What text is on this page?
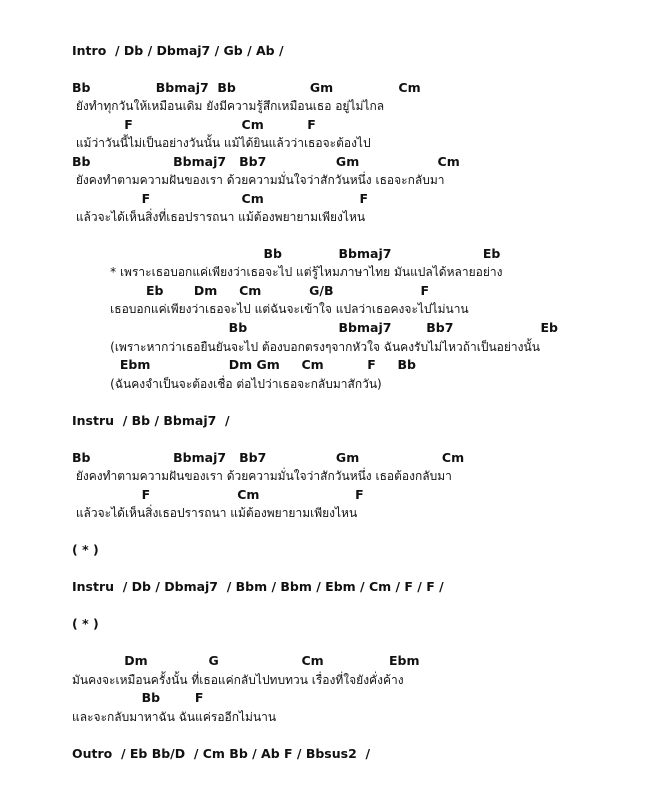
Intro  / Db / Dbmaj7 / Gb / Ab /
Bb               Bbmaj7  Bb                 Gm               Cm
ยังทำทุกวันให้เหมือนเดิม ยังมีความรู้สึกเหมือนเธอ อยู่ไม่ไกล
F                         Cm          F
แม้ว่าวันนี้ไม่เป็นอย่างวันนั้น แม้ได้ยินแล้วว่าเธอจะต้องไป
Bb                   Bbmaj7   Bb7                Gm                  Cm
ยังคงทำตามความฝันของเรา ด้วยความมั่นใจว่าสักวันหนึ่ง เธอจะกลับมา
F                     Cm                      F
แล้วจะได้เห็นสิ่งที่เธอปรารถนา แม้ต้องพยายามเพียงไหน
Bb             Bbmaj7                     Eb
* เพราะเธอบอกแค่เพียงว่าเธอจะไป แต่รู้ไหมภาษาไทย มันแปลได้หลายอย่าง
Eb       Dm     Cm           G/B                    F
เธอบอกแค่เพียงว่าเธอจะไป แต่ฉันจะเข้าใจ แปลว่าเธอคงจะไปไม่นาน
Bb                     Bbmaj7        Bb7                    Eb
(เพราะหากว่าเธอยืนยันจะไป ต้องบอกตรงๆจากหัวใจ ฉันคงรับไม่ไหวถ้าเป็นอย่างนั้น
Ebm                  Dm Gm     Cm          F     Bb
(ฉันคงจำเป็นจะต้องเชื่อ ต่อไปว่าเธอจะกลับมาสักวัน)
Instru  / Bb / Bbmaj7  /
Bb                   Bbmaj7   Bb7                Gm                   Cm
ยังคงทำตามความฝันของเรา ด้วยความมั่นใจว่าสักวันหนึ่ง เธอต้องกลับมา
F                    Cm                      F
แล้วจะได้เห็นสิ่งเธอปรารถนา แม้ต้องพยายามเพียงไหน
( * )
Instru  / Db / Dbmaj7  / Bbm / Bbm / Ebm / Cm / F / F /
( * )
Dm              G                   Cm               Ebm
มันคงจะเหมือนครั้งนั้น ที่เธอแค่กลับไปทบทวน เรื่องที่ใจยังคั่งค้าง
Bb        F
และจะกลับมาหาฉัน ฉันแค่รออีกไม่นาน
Outro  / Eb Bb/D  / Cm Bb / Ab F / Bbsus2  /
